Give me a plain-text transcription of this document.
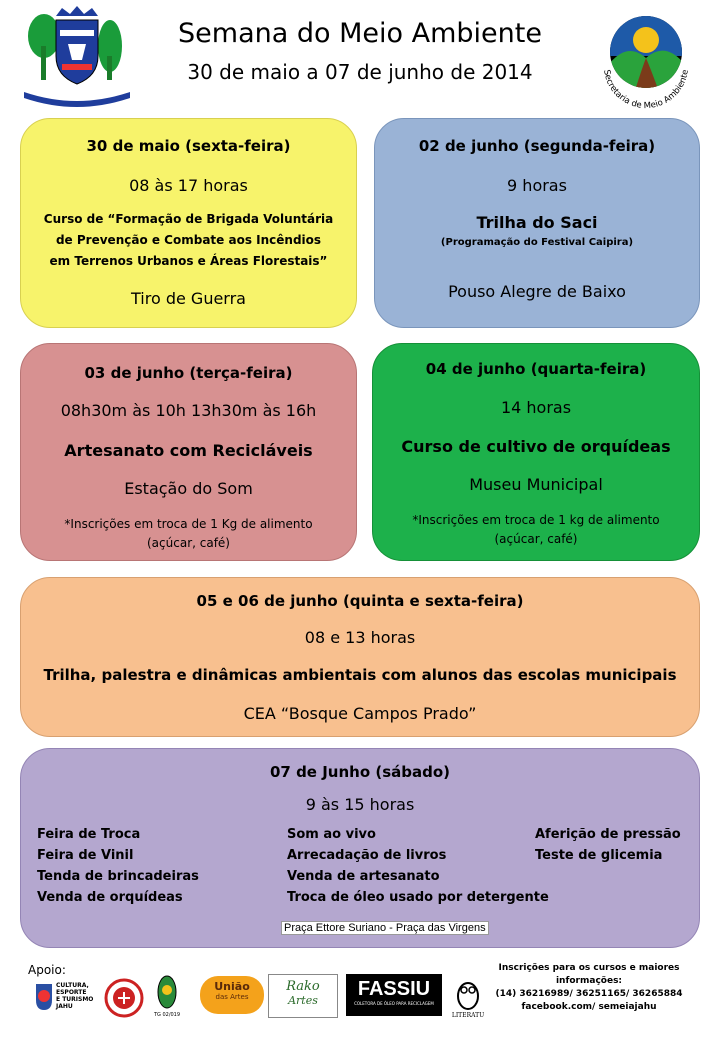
IBIRA • RE • 1827
Semana do Meio Ambiente
30 de maio a 07 de junho de 2014	Secretaria de Meio Ambiente
30 de maio (sexta-feira)
08 às 17 horas
Curso de “Formação de Brigada Voluntária
de Prevenção e Combate aos Incêndios
em Terrenos Urbanos e Áreas Florestais”
Tiro de Guerra
02 de junho (segunda-feira)
9 horas
Trilha do Saci
(Programação do Festival Caipira)
Pouso Alegre de Baixo
03 de junho (terça-feira)
08h30m às 10h 13h30m às 16h
Artesanato com Recicláveis
Estação do Som
*Inscrições em troca de 1 Kg de alimento
(açúcar, café)
04 de junho (quarta-feira)
14 horas
Curso de cultivo de orquídeas
Museu Municipal
*Inscrições em troca de 1 kg de alimento
(açúcar, café)
05 e 06 de junho (quinta e sexta-feira)
08 e 13 horas
Trilha, palestra e dinâmicas ambientais com alunos das escolas municipais
CEA “Bosque Campos Prado”
07 de Junho (sábado)
9 às 15 horas
Feira de Troca
Feira de Vinil
Tenda de brincadeiras
Venda de orquídeas
Som ao vivo
Arrecadação de livros
Venda de artesanato
Troca de óleo usado por detergente
Aferição de pressão
Teste de glicemia
Praça Ettore Suriano - Praça das Virgens
Apoio:
CULTURA,
ESPORTE
E TURISMO
JAHU
TG 02/019
União
das Artes
Rako
Artes
FASSIU
COLETORA DE ÓLEO PARA RECICLAGEM
LITERATU
Inscrições para os cursos e maiores informações:
(14) 36216989/ 36251165/ 36265884
facebook.com/ semeiajahu
